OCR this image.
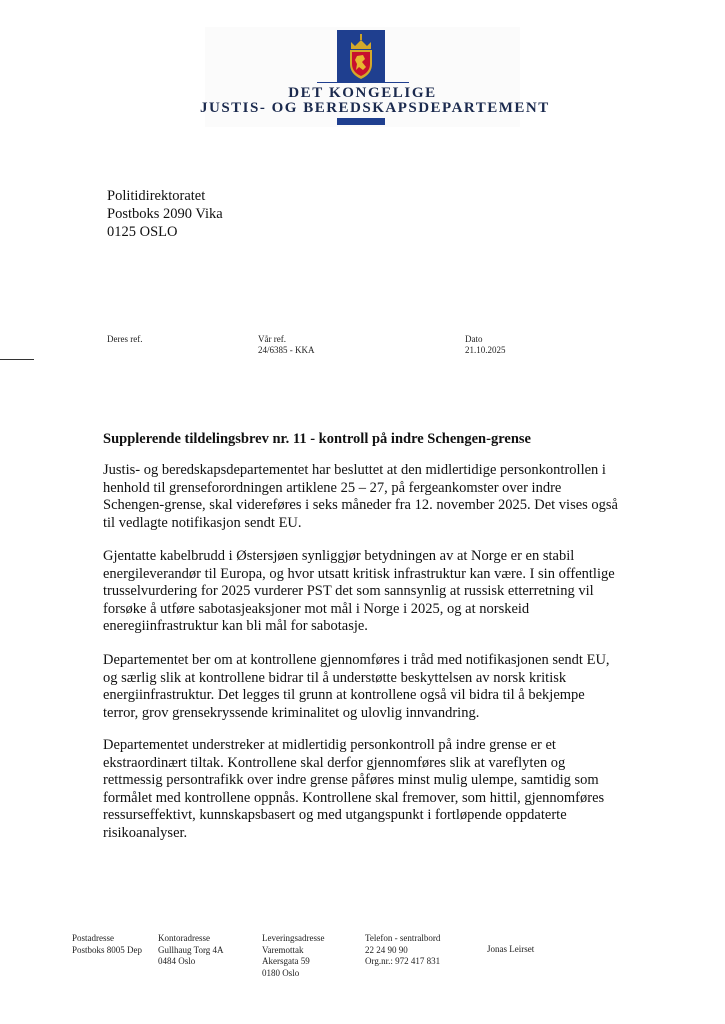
DET KONGELIGE
JUSTIS- OG BEREDSKAPSDEPARTEMENT
Politidirektoratet
Postboks 2090 Vika
0125 OSLO
Deres ref.	Vår ref.
24/6385 - KKA
Dato
21.10.2025
Supplerende tildelingsbrev nr. 11 - kontroll på indre Schengen-grense
Justis- og beredskapsdepartementet har besluttet at den midlertidige personkontrollen i
henhold til grenseforordningen artiklene 25 – 27, på fergeankomster over indre
Schengen-grense, skal videreføres i seks måneder fra 12. november 2025. Det vises også
til vedlagte notifikasjon sendt EU.
Gjentatte kabelbrudd i Østersjøen synliggjør betydningen av at Norge er en stabil
energileverandør til Europa, og hvor utsatt kritisk infrastruktur kan være. I sin offentlige
trusselvurdering for 2025 vurderer PST det som sannsynlig at russisk etterretning vil
forsøke å utføre sabotasjeaksjoner mot mål i Norge i 2025, og at norskeid
eneregiinfrastruktur kan bli mål for sabotasje.
Departementet ber om at kontrollene gjennomføres i tråd med notifikasjonen sendt EU,
og særlig slik at kontrollene bidrar til å understøtte beskyttelsen av norsk kritisk
energiinfrastruktur. Det legges til grunn at kontrollene også vil bidra til å bekjempe
terror, grov grensekryssende kriminalitet og ulovlig innvandring.
Departementet understreker at midlertidig personkontroll på indre grense er et
ekstraordinært tiltak. Kontrollene skal derfor gjennomføres slik at vareflyten og
rettmessig persontrafikk over indre grense påføres minst mulig ulempe, samtidig som
formålet med kontrollene oppnås. Kontrollene skal fremover, som hittil, gjennomføres
ressurseffektivt, kunnskapsbasert og med utgangspunkt i fortløpende oppdaterte
risikoanalyser.
Postadresse
Postboks 8005 Dep
Kontoradresse
Gullhaug Torg 4A
0484 Oslo
Leveringsadresse
Varemottak
Akersgata 59
0180 Oslo
Telefon - sentralbord
22 24 90 90
Org.nr.: 972 417 831
Jonas Leirset
